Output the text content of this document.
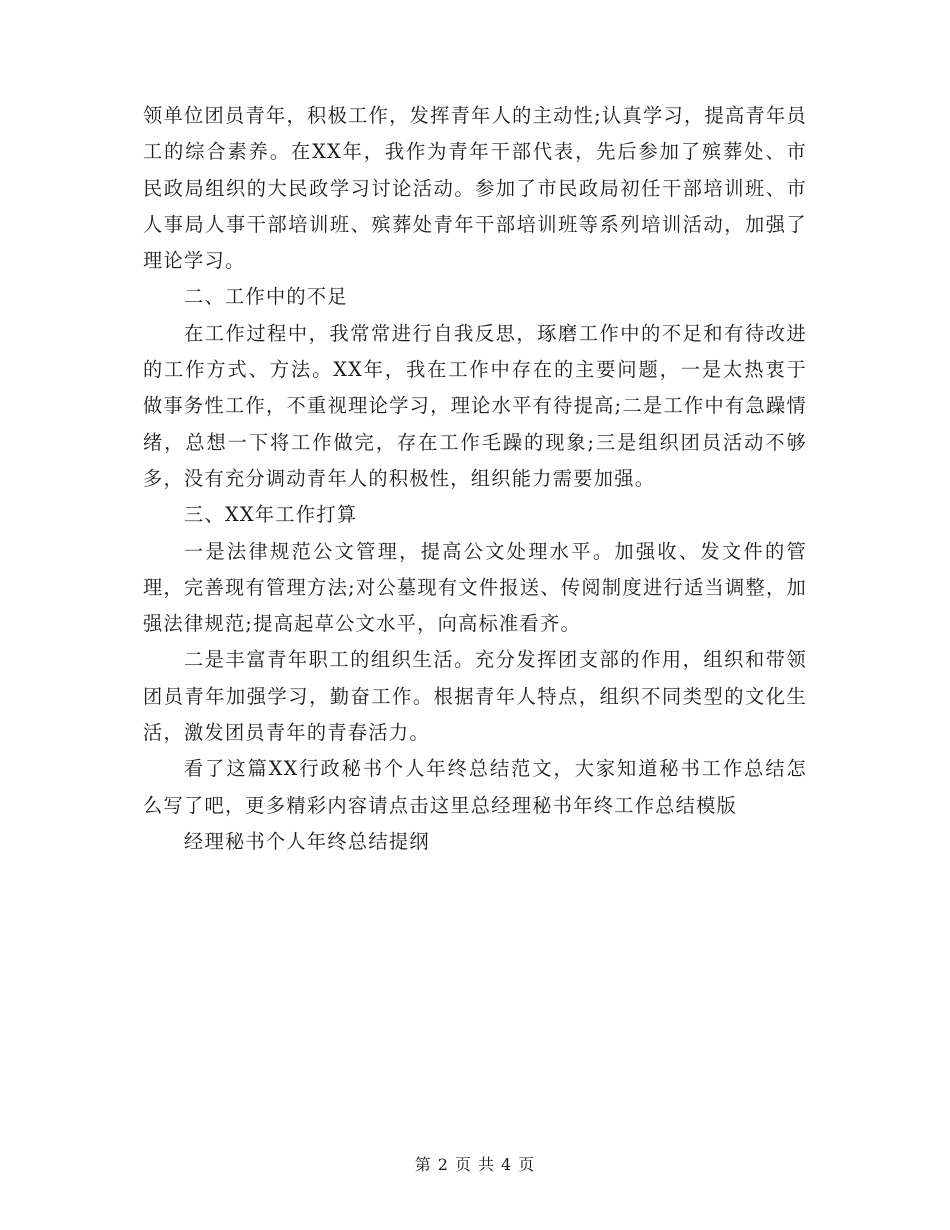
领单位团员青年，积极工作，发挥青年人的主动性;认真学习，提高青年员工的综合素养。在XX年，我作为青年干部代表，先后参加了殡葬处、市民政局组织的大民政学习讨论活动。参加了市民政局初任干部培训班、市人事局人事干部培训班、殡葬处青年干部培训班等系列培训活动，加强了理论学习。

二、工作中的不足

在工作过程中，我常常进行自我反思，琢磨工作中的不足和有待改进的工作方式、方法。XX年，我在工作中存在的主要问题，一是太热衷于做事务性工作，不重视理论学习，理论水平有待提高;二是工作中有急躁情绪，总想一下将工作做完，存在工作毛躁的现象;三是组织团员活动不够多，没有充分调动青年人的积极性，组织能力需要加强。

三、XX年工作打算

一是法律规范公文管理，提高公文处理水平。加强收、发文件的管理，完善现有管理方法;对公墓现有文件报送、传阅制度进行适当调整，加强法律规范;提高起草公文水平，向高标准看齐。

二是丰富青年职工的组织生活。充分发挥团支部的作用，组织和带领团员青年加强学习，勤奋工作。根据青年人特点，组织不同类型的文化生活，激发团员青年的青春活力。

看了这篇XX行政秘书个人年终总结范文，大家知道秘书工作总结怎么写了吧，更多精彩内容请点击这里总经理秘书年终工作总结模版

经理秘书个人年终总结提纲

第 2 页 共 4 页
